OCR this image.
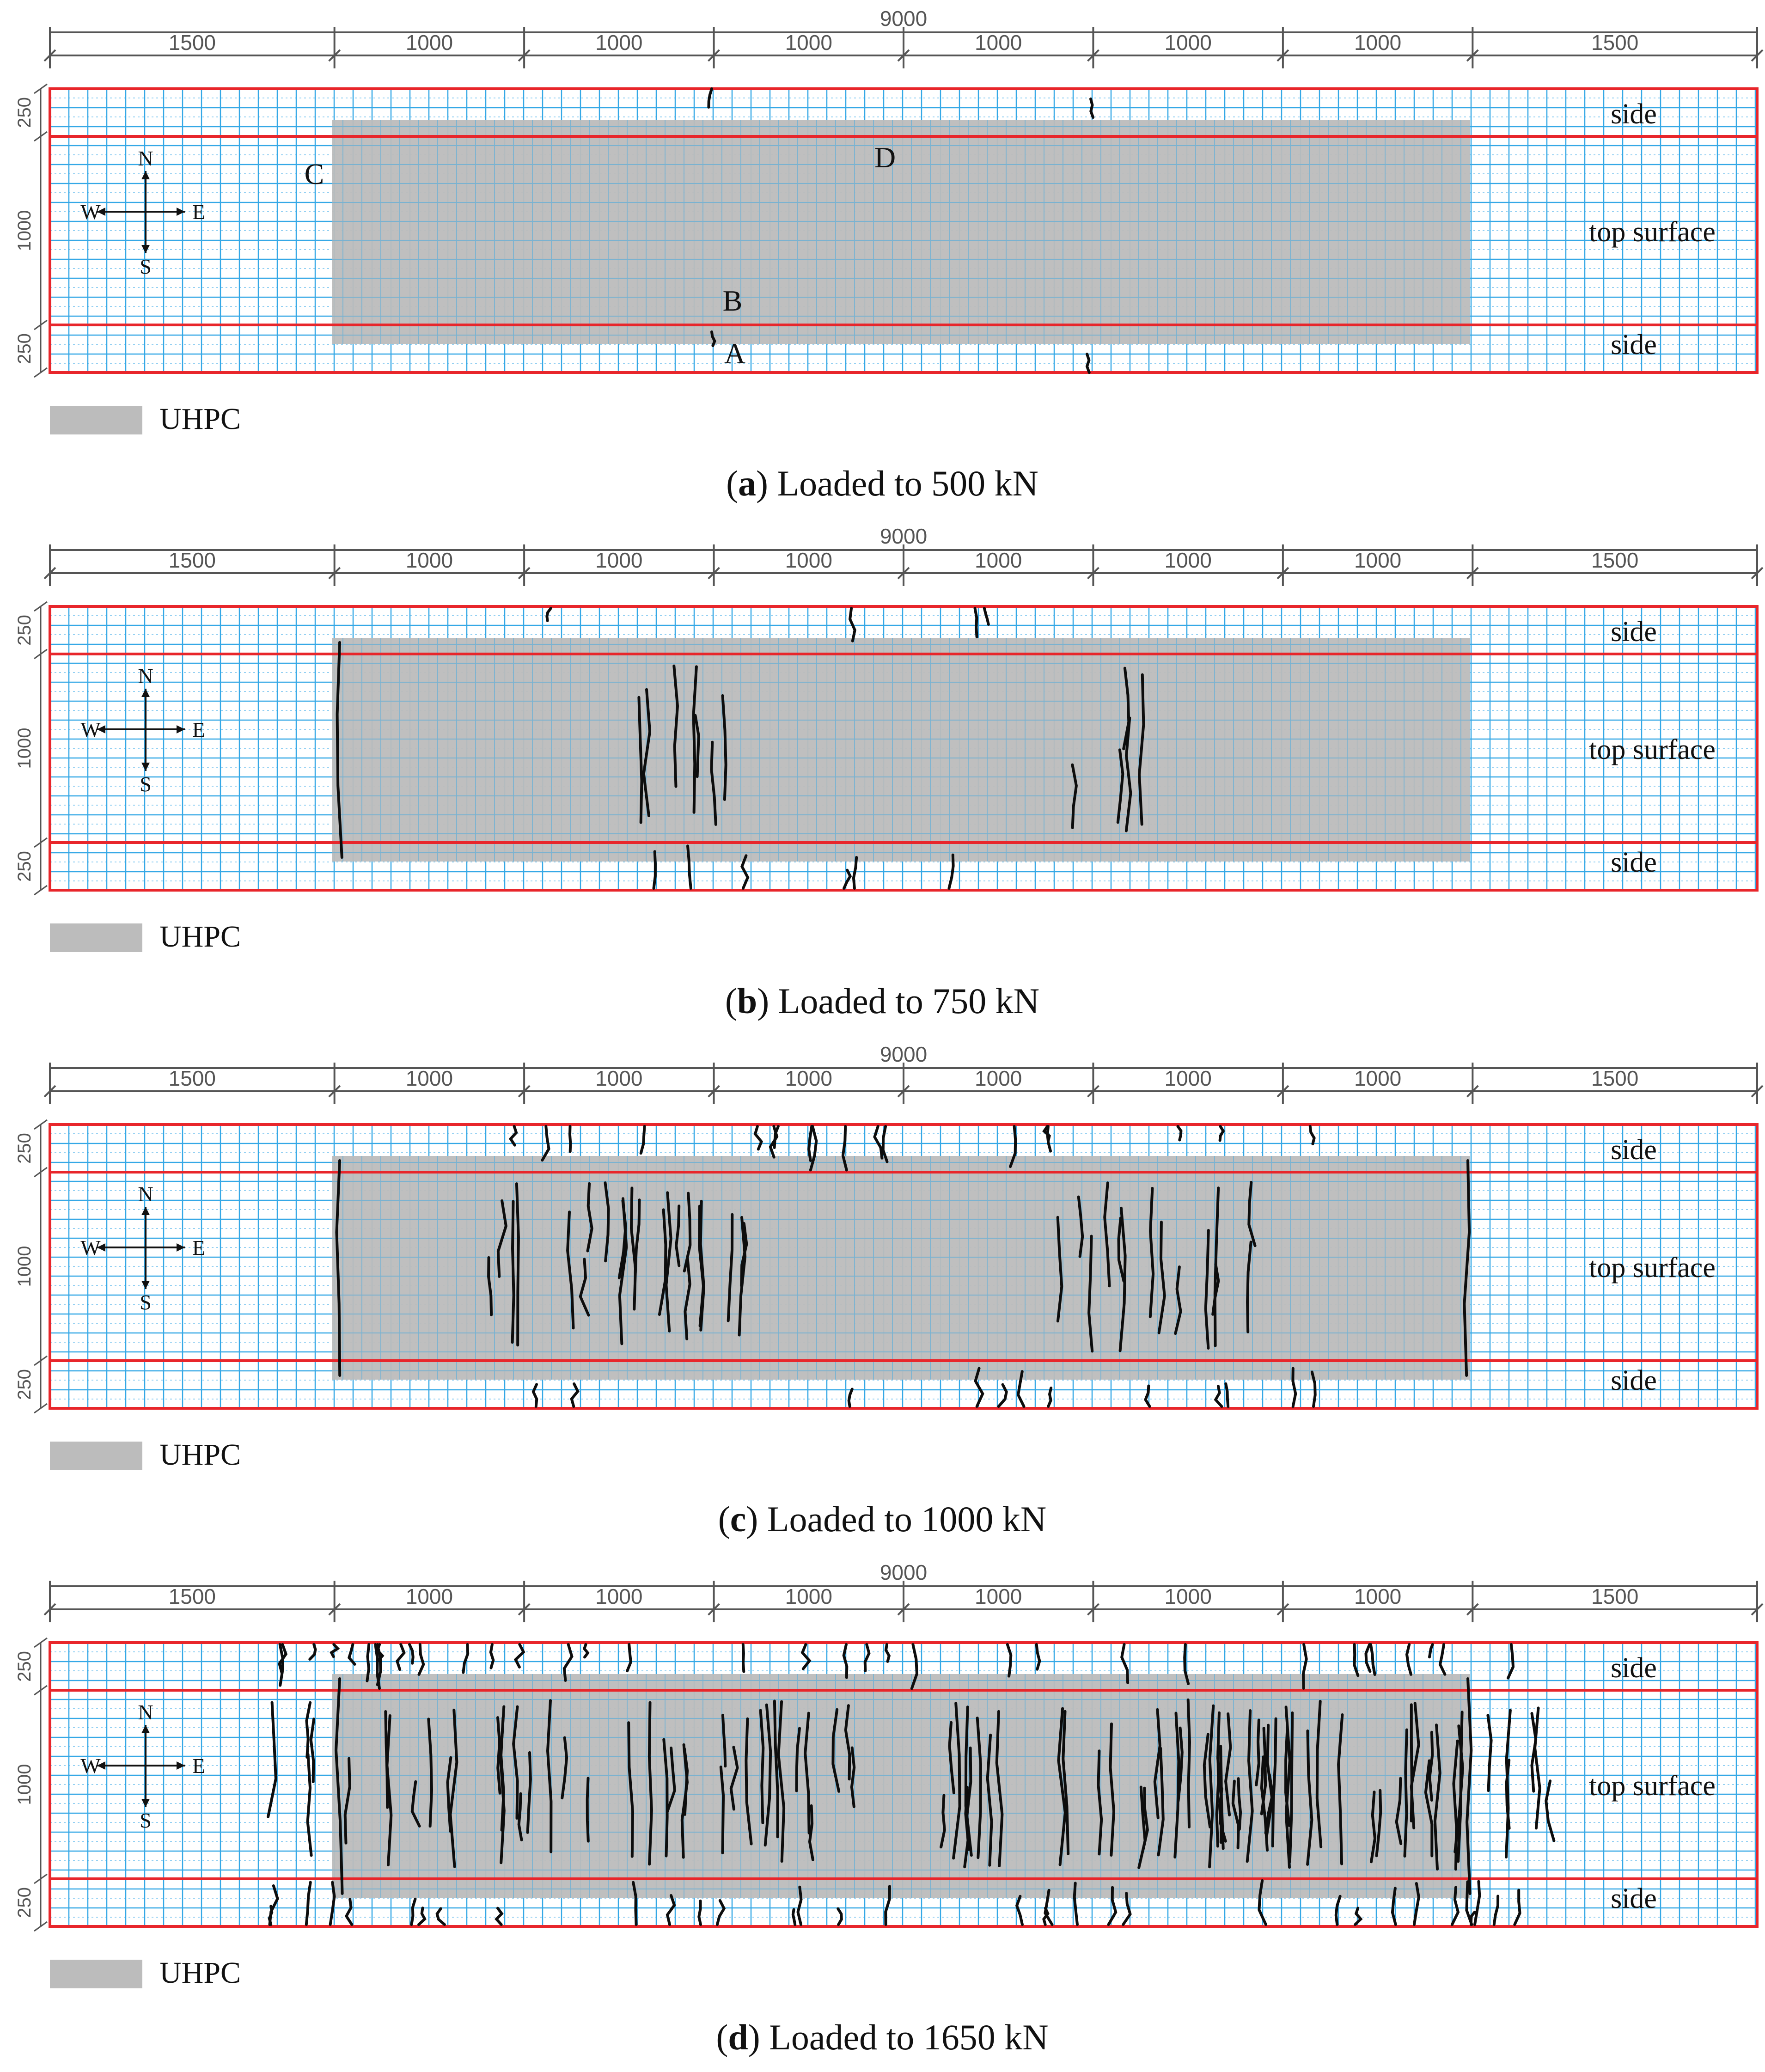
9000
1500	1000	1000	1000	1000	1000	1000	1500
250
1000
250
side
top surface
side
N
S
W	E
A
B
C
D
UHPC
(a) Loaded to 500 kN
9000
1500	1000	1000	1000	1000	1000	1000	1500
250
1000
250
side
top surface
side
N
S
W	E
UHPC
(b) Loaded to 750 kN
9000
1500	1000	1000	1000	1000	1000	1000	1500
250
1000
250
side
top surface
side
N
S
W	E
UHPC
(c) Loaded to 1000 kN
9000
1500	1000	1000	1000	1000	1000	1000	1500
250
1000
250
side
top surface
side
N
S
W	E
UHPC
(d) Loaded to 1650 kN
